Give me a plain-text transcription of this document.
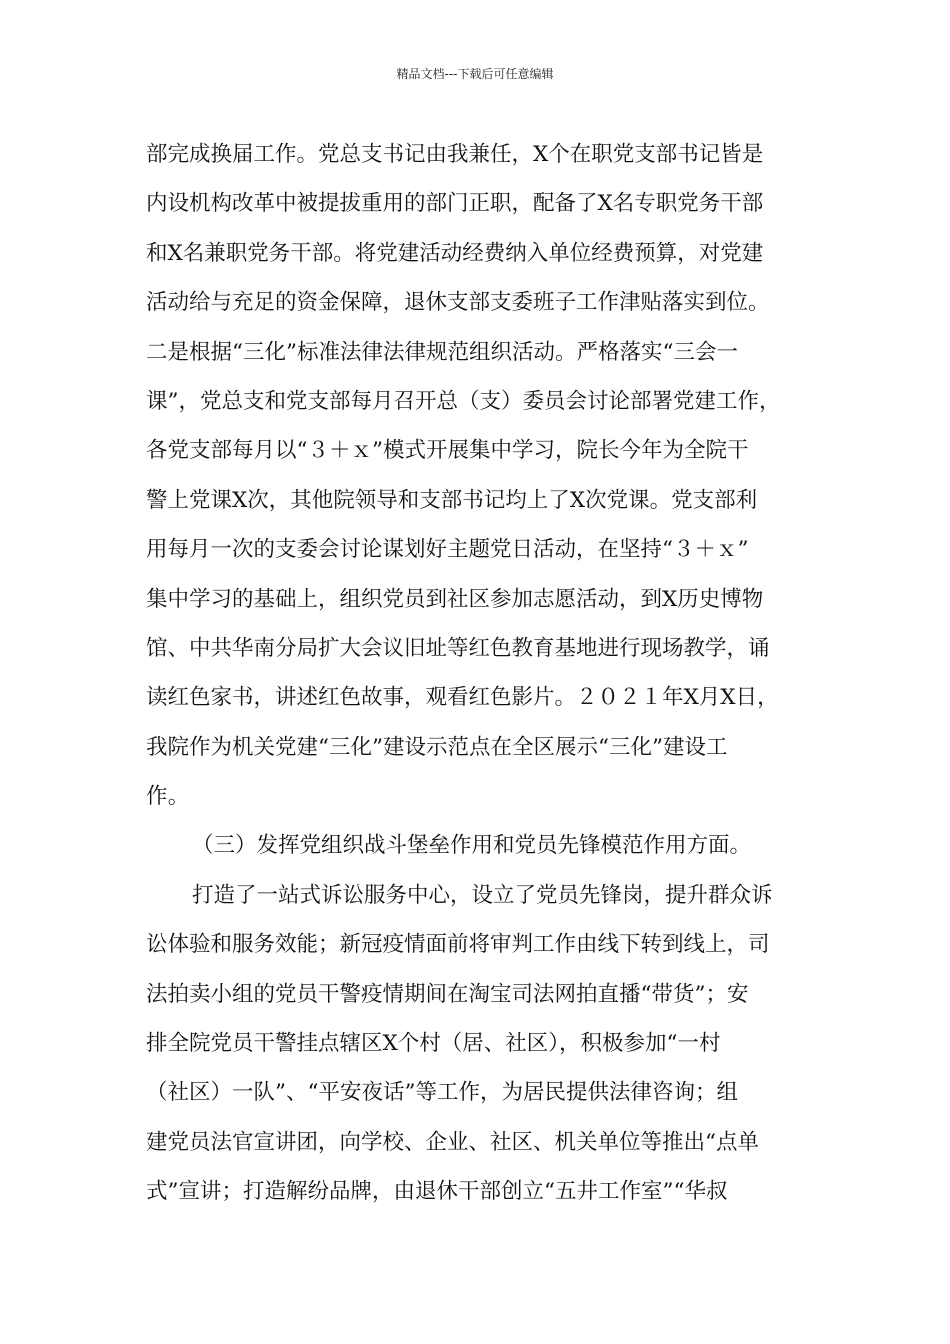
精品文档---下载后可任意编辑
部完成换届工作。党总支书记由我兼任，X个在职党支部书记皆是
内设机构改革中被提拔重用的部门正职，配备了X名专职党务干部
和X名兼职党务干部。将党建活动经费纳入单位经费预算，对党建
活动给与充足的资金保障，退休支部支委班子工作津贴落实到位。
二是根据“三化”标准法律法律规范组织活动。严格落实“三会一
课”，党总支和党支部每月召开总（支）委员会讨论部署党建工作，
各党支部每月以“３＋ｘ”模式开展集中学习，院长今年为全院干
警上党课X次，其他院领导和支部书记均上了X次党课。党支部利
用每月一次的支委会讨论谋划好主题党日活动，在坚持“３＋ｘ”
集中学习的基础上，组织党员到社区参加志愿活动，到X历史博物
馆、中共华南分局扩大会议旧址等红色教育基地进行现场教学，诵
读红色家书，讲述红色故事，观看红色影片。２０２１年X月X日，
我院作为机关党建“三化”建设示范点在全区展示“三化”建设工
作。
（三）发挥党组织战斗堡垒作用和党员先锋模范作用方面。
打造了一站式诉讼服务中心，设立了党员先锋岗，提升群众诉
讼体验和服务效能；新冠疫情面前将审判工作由线下转到线上，司
法拍卖小组的党员干警疫情期间在淘宝司法网拍直播“带货”；安
排全院党员干警挂点辖区X个村（居、社区），积极参加“一村
（社区）一队”、“平安夜话”等工作，为居民提供法律咨询；组
建党员法官宣讲团，向学校、企业、社区、机关单位等推出“点单
式”宣讲；打造解纷品牌，由退休干部创立“五井工作室”“华叔
